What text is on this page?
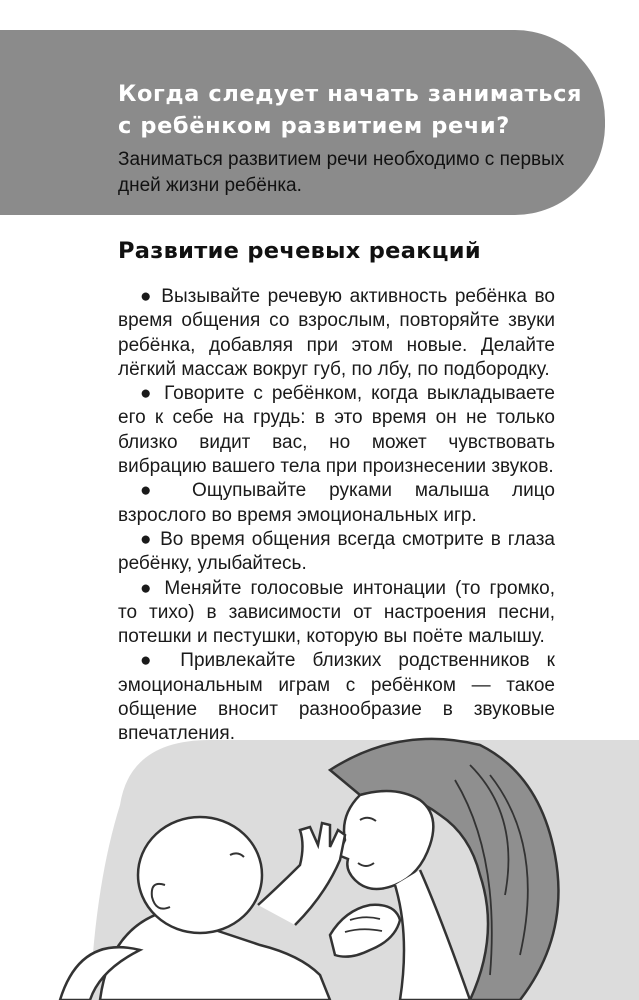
Когда следует начать заниматься с ребёнком развитием речи?

Заниматься развитием речи необходимо с первых дней жизни ребёнка.

Развитие речевых реакций
● Вызывайте речевую активность ребёнка во время общения со взрослым, повторяйте звуки ребёнка, добавляя при этом новые. Делайте лёгкий массаж вокруг губ, по лбу, по подбородку.
● Говорите с ребёнком, когда выкладываете его к себе на грудь: в это время он не только близко видит вас, но может чувствовать вибрацию вашего тела при произнесении звуков.
● Ощупывайте руками малыша лицо взрослого во время эмоциональных игр.
● Во время общения всегда смотрите в глаза ребёнку, улыбайтесь.
● Меняйте голосовые интонации (то громко, то тихо) в зависимости от настроения песни, потешки и пестушки, которую вы поёте малышу.
● Привлекайте близких родственников к эмоциональным играм с ребёнком — такое общение вносит разнообразие в звуковые впечатления.
